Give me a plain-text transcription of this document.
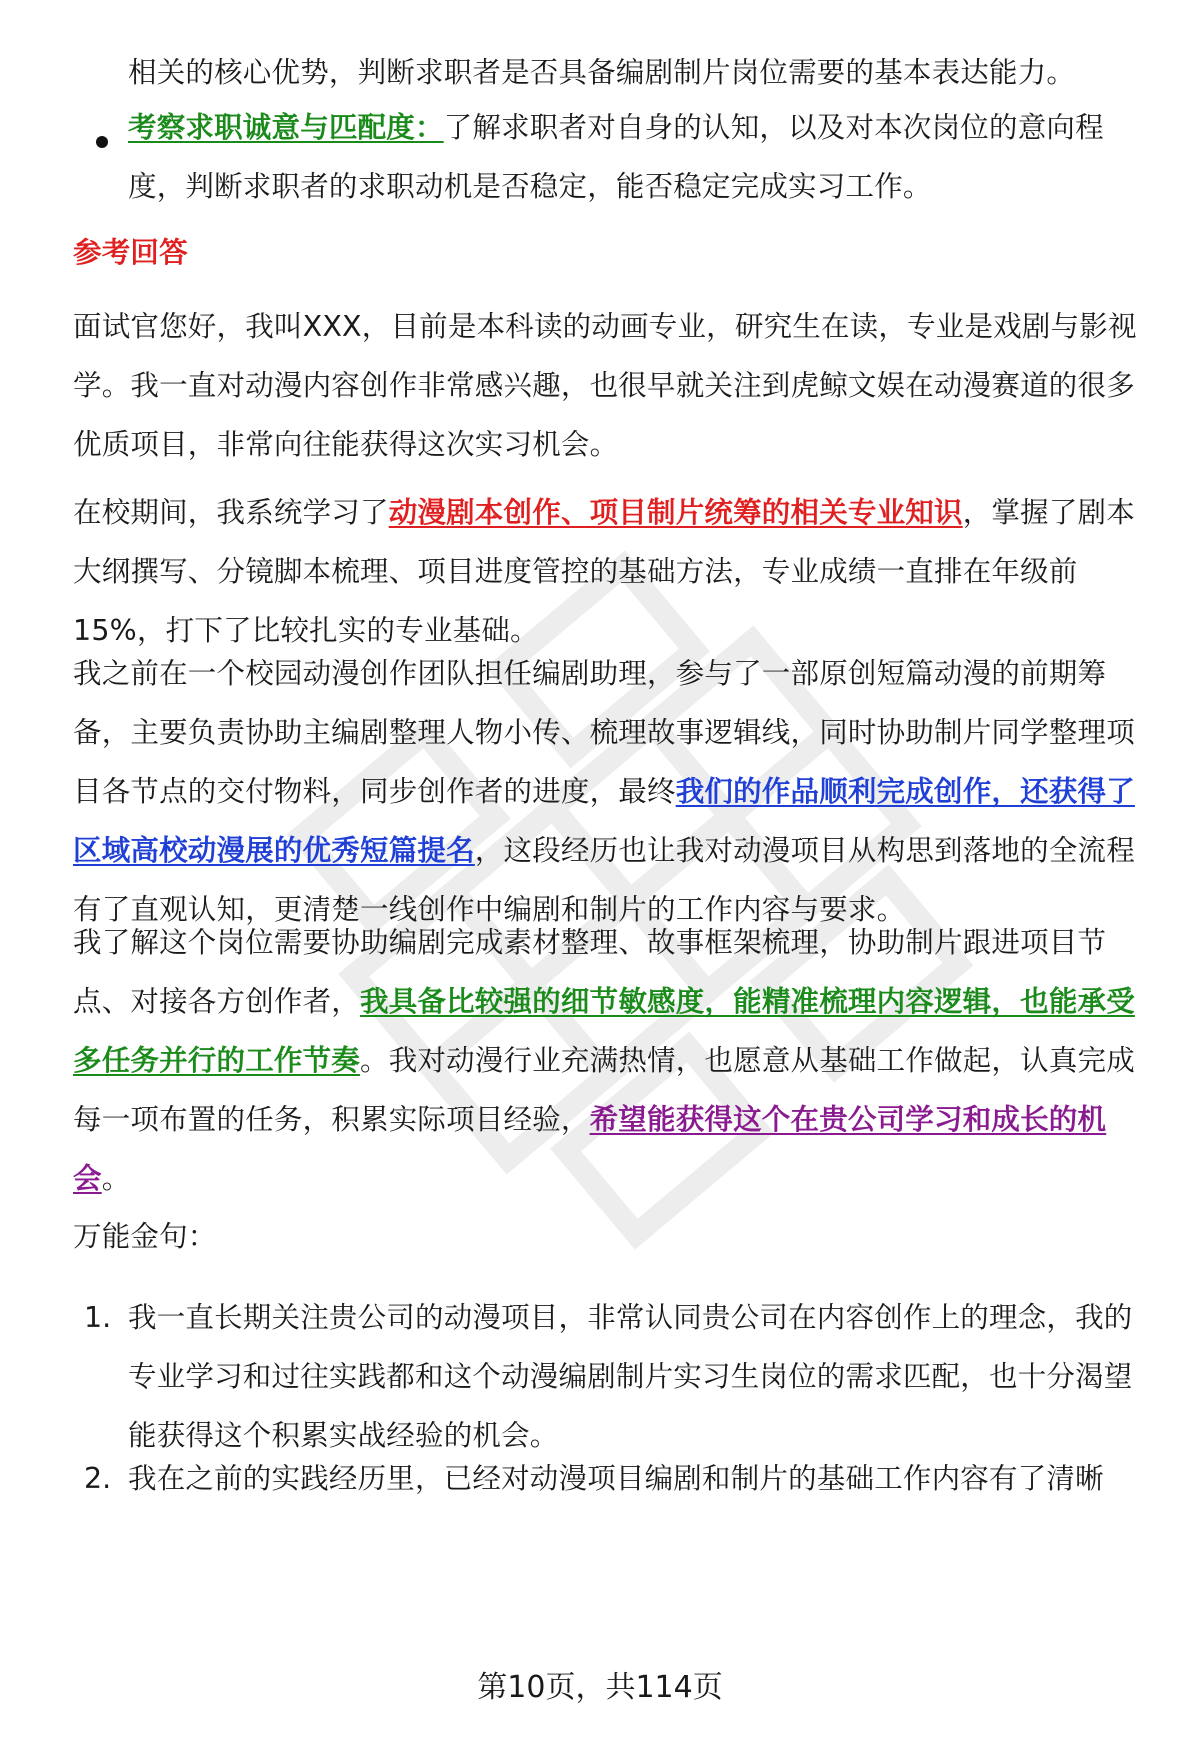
相关的核心优势，判断求职者是否具备编剧制片岗位需要的基本表达能力。

考察求职诚意与匹配度：了解求职者对自身的认知，以及对本次岗位的意向程度，判断求职者的求职动机是否稳定，能否稳定完成实习工作。

参考回答

面试官您好，我叫XXX，目前是本科读的动画专业，研究生在读，专业是戏剧与影视学。我一直对动漫内容创作非常感兴趣，也很早就关注到虎鲸文娱在动漫赛道的很多优质项目，非常向往能获得这次实习机会。

在校期间，我系统学习了动漫剧本创作、项目制片统筹的相关专业知识，掌握了剧本大纲撰写、分镜脚本梳理、项目进度管控的基础方法，专业成绩一直排在年级前15%，打下了比较扎实的专业基础。

我之前在一个校园动漫创作团队担任编剧助理，参与了一部原创短篇动漫的前期筹备，主要负责协助主编剧整理人物小传、梳理故事逻辑线，同时协助制片同学整理项目各节点的交付物料，同步创作者的进度，最终我们的作品顺利完成创作，还获得了区域高校动漫展的优秀短篇提名，这段经历也让我对动漫项目从构思到落地的全流程有了直观认知，更清楚一线创作中编剧和制片的工作内容与要求。

我了解这个岗位需要协助编剧完成素材整理、故事框架梳理，协助制片跟进项目节点、对接各方创作者，我具备比较强的细节敏感度，能精准梳理内容逻辑，也能承受多任务并行的工作节奏。我对动漫行业充满热情，也愿意从基础工作做起，认真完成每一项布置的任务，积累实际项目经验，希望能获得这个在贵公司学习和成长的机会。

万能金句：

1. 我一直长期关注贵公司的动漫项目，非常认同贵公司在内容创作上的理念，我的专业学习和过往实践都和这个动漫编剧制片实习生岗位的需求匹配，也十分渴望能获得这个积累实战经验的机会。

2. 我在之前的实践经历里，已经对动漫项目编剧和制片的基础工作内容有了清晰

第10页，共114页
